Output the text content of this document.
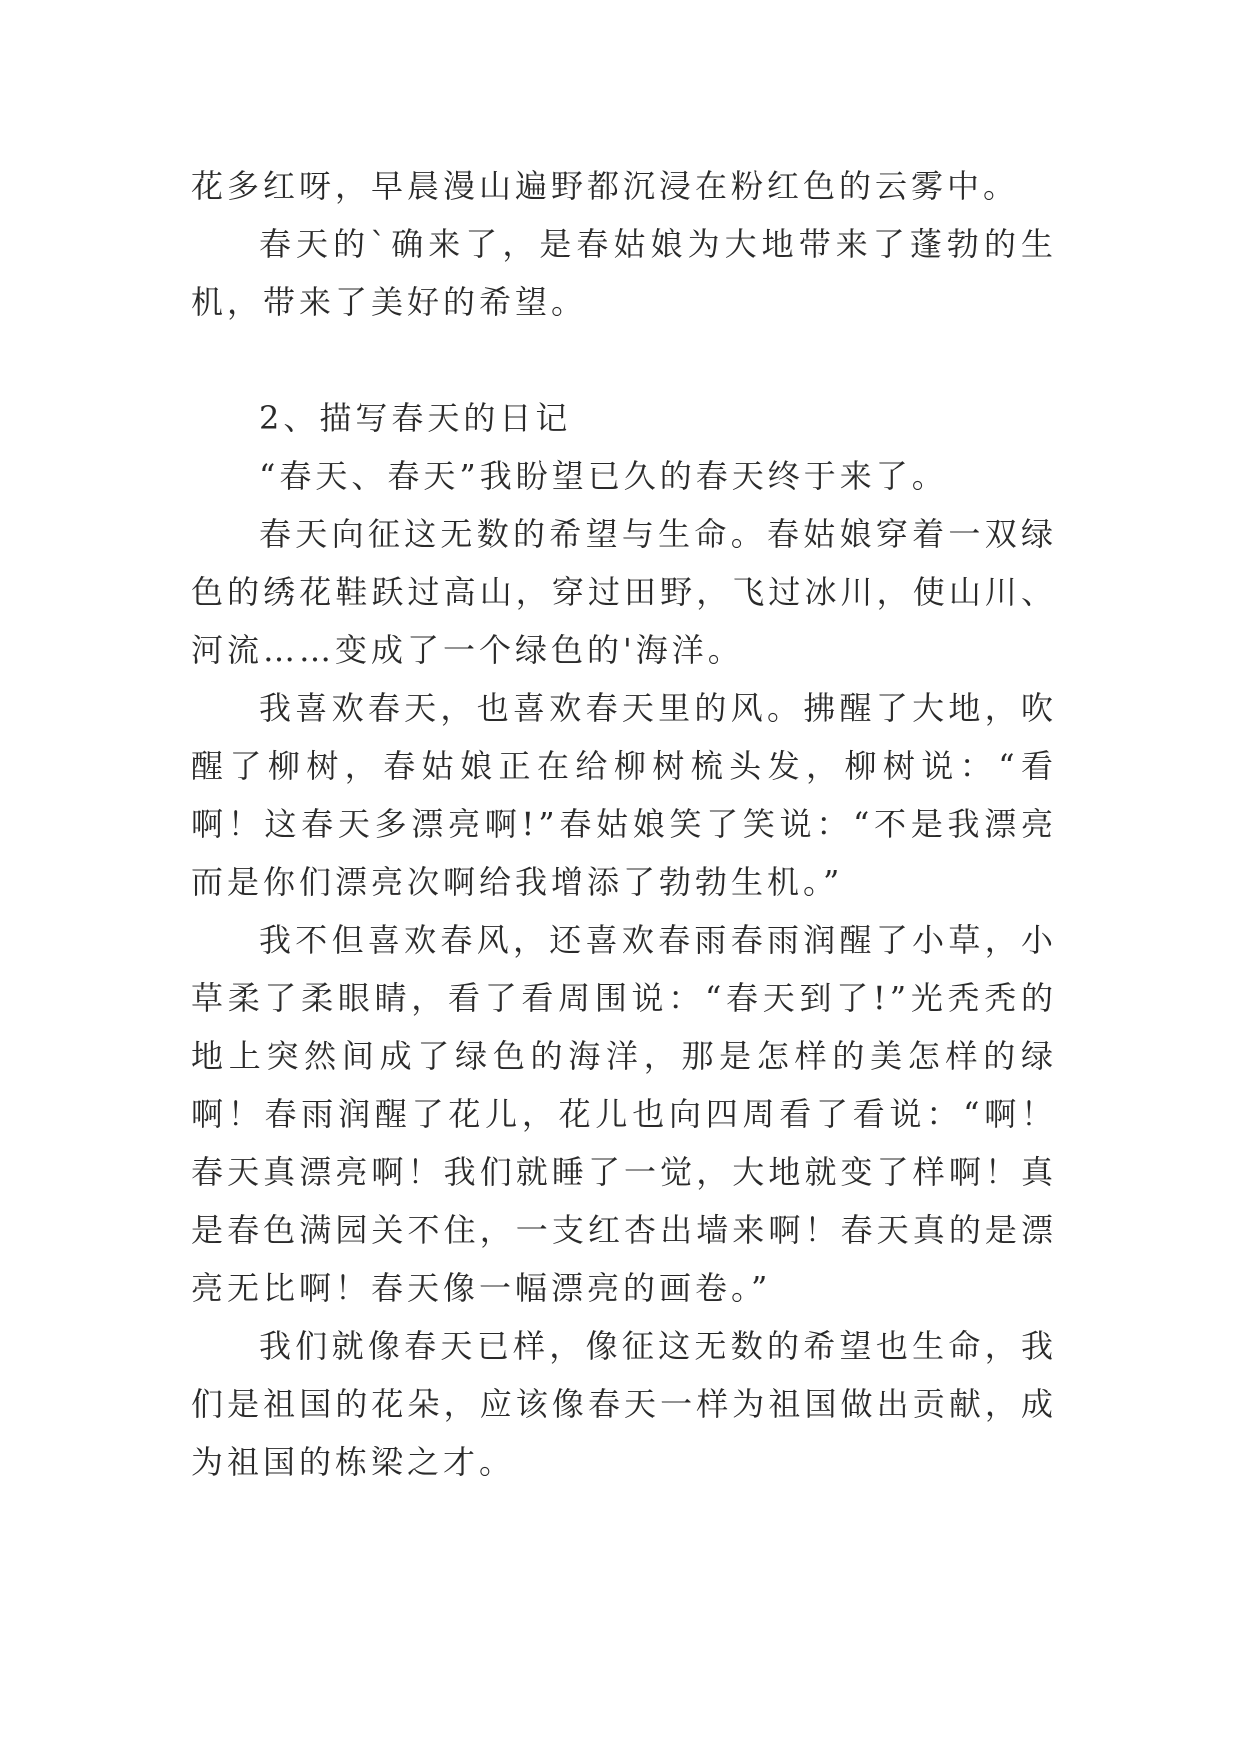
花多红呀，早晨漫山遍野都沉浸在粉红色的云雾中。

春天的`确来了，是春姑娘为大地带来了蓬勃的生机，带来了美好的希望。

2、描写春天的日记

“春天、春天”我盼望已久的春天终于来了。

春天向征这无数的希望与生命。春姑娘穿着一双绿色的绣花鞋跃过高山，穿过田野，飞过冰川，使山川、河流……变成了一个绿色的'海洋。

我喜欢春天，也喜欢春天里的风。拂醒了大地，吹醒了柳树，春姑娘正在给柳树梳头发，柳树说：“看啊！这春天多漂亮啊!”春姑娘笑了笑说：“不是我漂亮而是你们漂亮次啊给我增添了勃勃生机。”

我不但喜欢春风，还喜欢春雨春雨润醒了小草，小草柔了柔眼睛，看了看周围说：“春天到了!”光秃秃的地上突然间成了绿色的海洋，那是怎样的美怎样的绿啊！春雨润醒了花儿，花儿也向四周看了看说：“啊！春天真漂亮啊！我们就睡了一觉，大地就变了样啊！真是春色满园关不住，一支红杏出墙来啊！春天真的是漂亮无比啊！春天像一幅漂亮的画卷。”

我们就像春天已样，像征这无数的希望也生命，我们是祖国的花朵，应该像春天一样为祖国做出贡献，成为祖国的栋梁之才。
